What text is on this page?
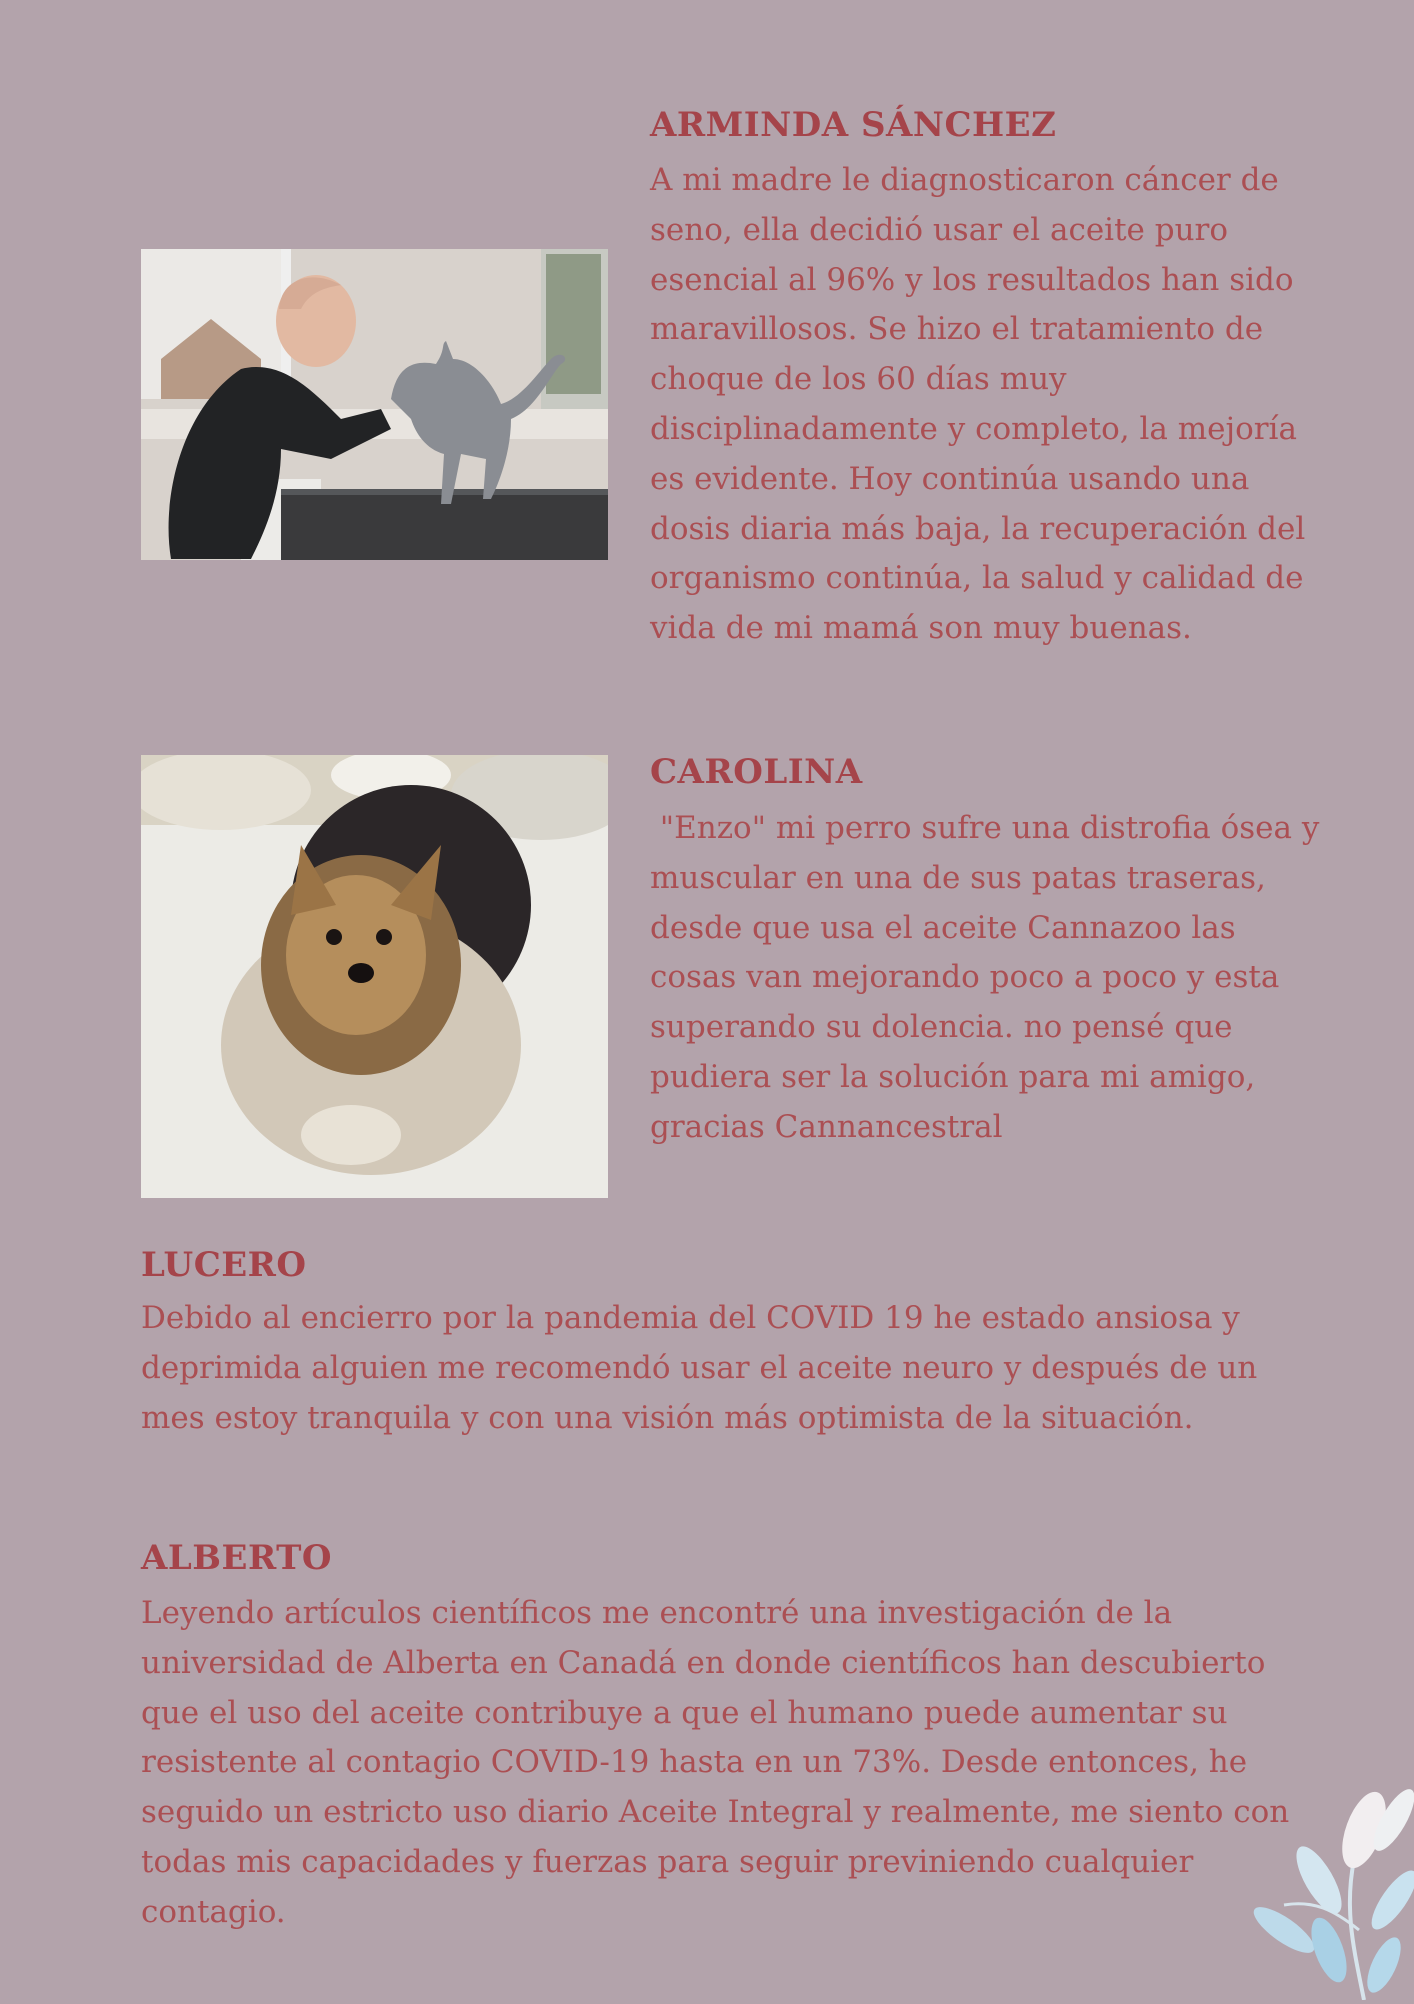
ARMINDA SÁNCHEZ

A mi madre le diagnosticaron cáncer de seno, ella decidió usar el aceite puro esencial al 96% y los resultados han sido maravillosos. Se hizo el tratamiento de choque de los 60 días muy disciplinadamente y completo, la mejoría es evidente. Hoy continúa usando una dosis diaria más baja, la recuperación del organismo continúa, la salud y calidad de vida de mi mamá son muy buenas.

CAROLINA

"Enzo" mi perro sufre una distrofia ósea y muscular en una de sus patas traseras, desde que usa el aceite Cannazoo las cosas van mejorando poco a poco y esta superando su dolencia. no pensé que pudiera ser la solución para mi amigo, gracias Cannancestral

LUCERO

Debido al encierro por la pandemia del COVID 19 he estado ansiosa y deprimida alguien me recomendó usar el aceite neuro y después de un mes estoy tranquila y con una visión más optimista de la situación.

ALBERTO

Leyendo artículos científicos me encontré una investigación de la universidad de Alberta en Canadá en donde científicos han descubierto que el uso del aceite contribuye a que el humano puede aumentar su resistente al contagio COVID-19 hasta en un 73%. Desde entonces, he seguido un estricto uso diario Aceite Integral y realmente, me siento con todas mis capacidades y fuerzas para seguir previniendo cualquier contagio.
